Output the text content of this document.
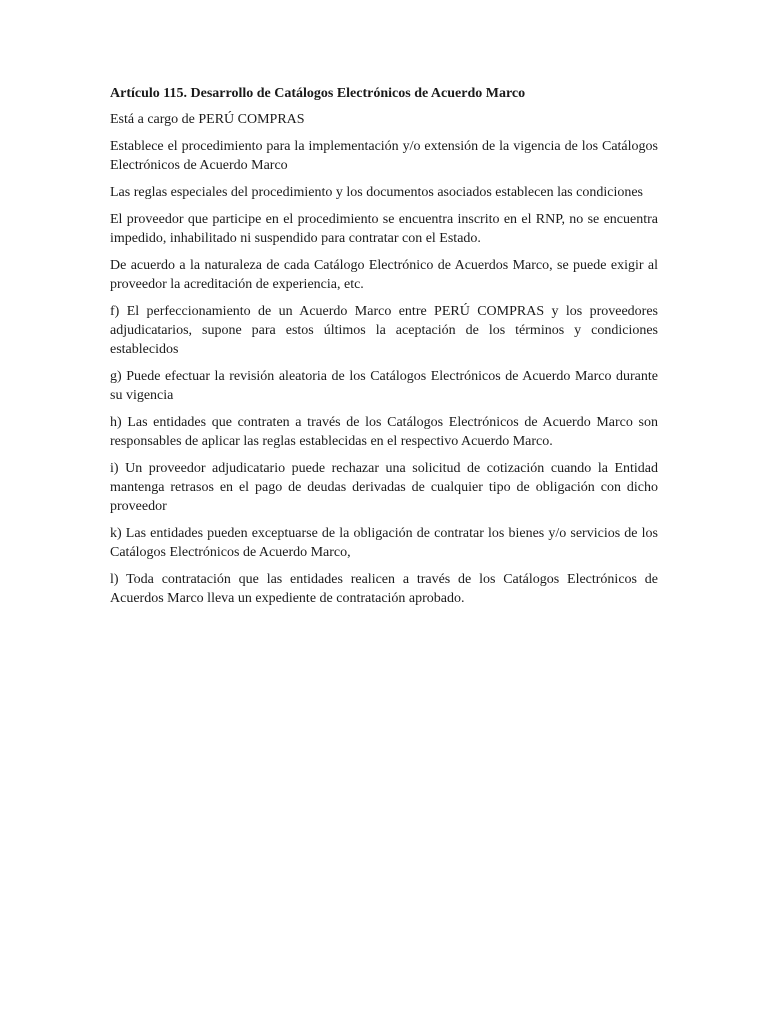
Artículo 115. Desarrollo de Catálogos Electrónicos de Acuerdo Marco

Está a cargo de PERÚ COMPRAS

Establece el procedimiento para la implementación y/o extensión de la vigencia de los Catálogos Electrónicos de Acuerdo Marco

Las reglas especiales del procedimiento y los documentos asociados establecen las condiciones

El proveedor que participe en el procedimiento se encuentra inscrito en el RNP, no se encuentra impedido, inhabilitado ni suspendido para contratar con el Estado.

De acuerdo a la naturaleza de cada Catálogo Electrónico de Acuerdos Marco, se puede exigir al proveedor la acreditación de experiencia, etc.

f) El perfeccionamiento de un Acuerdo Marco entre PERÚ COMPRAS y los proveedores adjudicatarios, supone para estos últimos la aceptación de los términos y condiciones establecidos

g) Puede efectuar la revisión aleatoria de los Catálogos Electrónicos de Acuerdo Marco durante su vigencia

h) Las entidades que contraten a través de los Catálogos Electrónicos de Acuerdo Marco son responsables de aplicar las reglas establecidas en el respectivo Acuerdo Marco.

i) Un proveedor adjudicatario puede rechazar una solicitud de cotización cuando la Entidad mantenga retrasos en el pago de deudas derivadas de cualquier tipo de obligación con dicho proveedor

k) Las entidades pueden exceptuarse de la obligación de contratar los bienes y/o servicios de los Catálogos Electrónicos de Acuerdo Marco,

l) Toda contratación que las entidades realicen a través de los Catálogos Electrónicos de Acuerdos Marco lleva un expediente de contratación aprobado.
